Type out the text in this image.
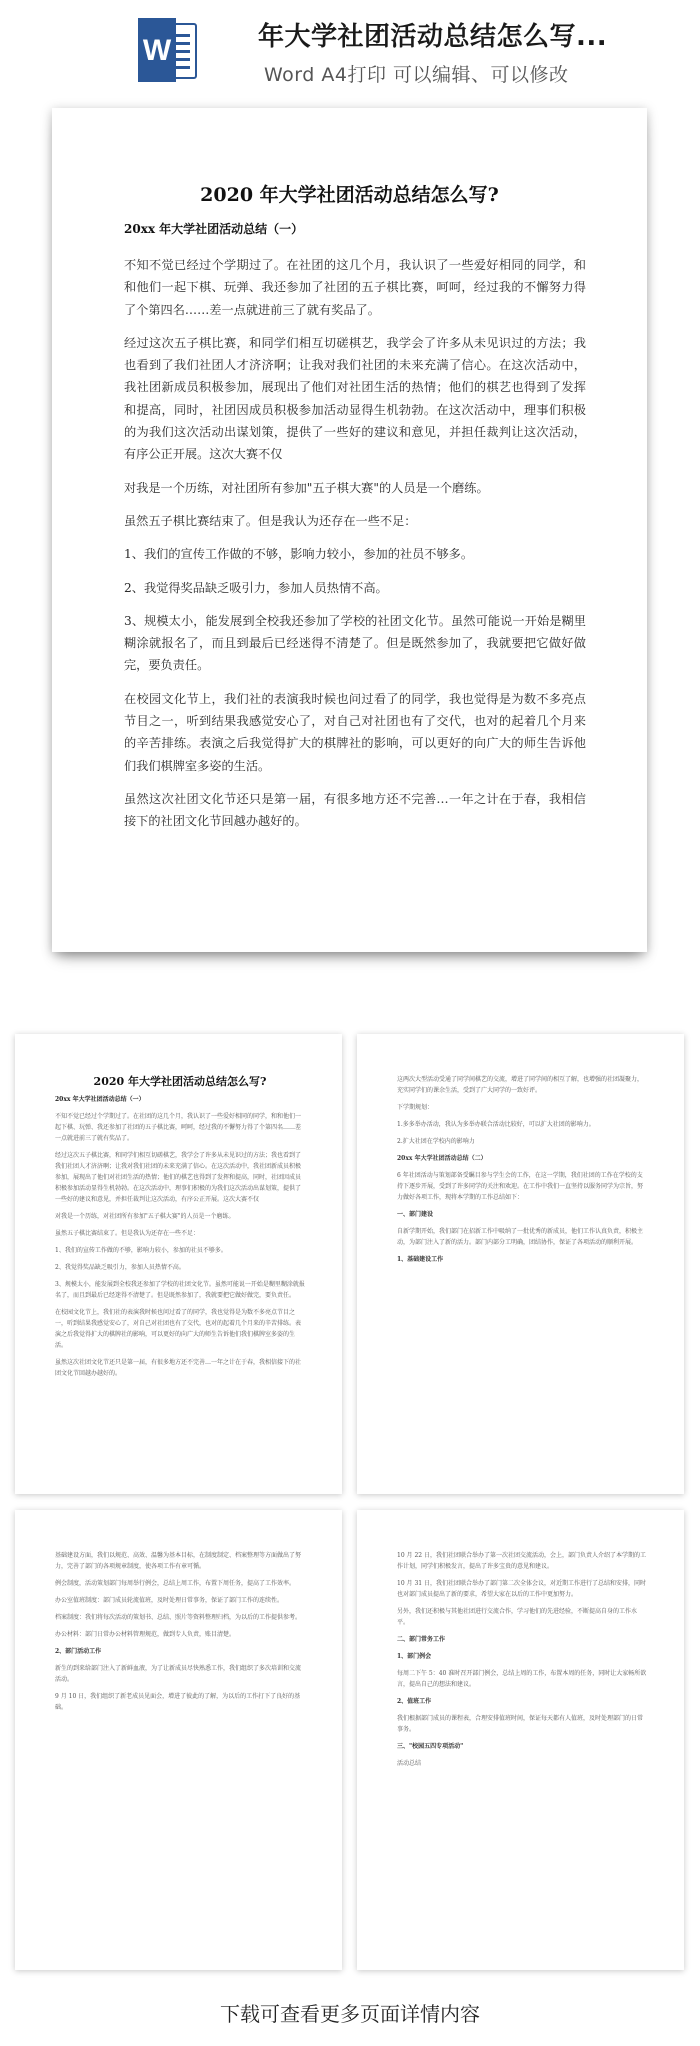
W	年大学社团活动总结怎么写...
Word A4打印 可以编辑、可以修改
2020 年大学社团活动总结怎么写?
20xx 年大学社团活动总结（一）

不知不觉已经过个学期过了。在社团的这几个月，我认识了一些爱好相同的同学，和和他们一起下棋、玩弹、我还参加了社团的五子棋比赛，呵呵，经过我的不懈努力得了个第四名……差一点就进前三了就有奖品了。

经过这次五子棋比赛，和同学们相互切磋棋艺，我学会了许多从未见识过的方法；我也看到了我们社团人才济济啊；让我对我们社团的未来充满了信心。在这次活动中，我社团新成员积极参加，展现出了他们对社团生活的热情；他们的棋艺也得到了发挥和提高，同时，社团因成员积极参加活动显得生机勃勃。在这次活动中，理事们积极的为我们这次活动出谋划策，提供了一些好的建议和意见，并担任裁判让这次活动，有序公正开展。这次大赛不仅

对我是一个历练，对社团所有参加"五子棋大赛"的人员是一个磨练。

虽然五子棋比赛结束了。但是我认为还存在一些不足：

1、我们的宣传工作做的不够，影响力较小，参加的社员不够多。

2、我觉得奖品缺乏吸引力，参加人员热情不高。

3、规模太小，能发展到全校我还参加了学校的社团文化节。虽然可能说一开始是糊里糊涂就报名了，而且到最后已经迷得不清楚了。但是既然参加了，我就要把它做好做完，要负责任。

在校园文化节上，我们社的表演我时候也问过看了的同学，我也觉得是为数不多亮点节目之一，听到结果我感觉安心了，对自己对社团也有了交代，也对的起着几个月来的辛苦排练。表演之后我觉得扩大的棋牌社的影响，可以更好的向广大的师生告诉他们我们棋牌室多姿的生活。

虽然这次社团文化节还只是第一届，有很多地方还不完善…一年之计在于春，我相信接下的社团文化节回越办越好的。

2020 年大学社团活动总结怎么写?
20xx 年大学社团活动总结（一）

不知不觉已经过个学期过了。在社团的这几个月，我认识了一些爱好相同的同学，和和他们一起下棋、玩弹、我还参加了社团的五子棋比赛，呵呵，经过我的不懈努力得了个第四名……差一点就进前三了就有奖品了。

经过这次五子棋比赛，和同学们相互切磋棋艺，我学会了许多从未见识过的方法；我也看到了我们社团人才济济啊；让我对我们社团的未来充满了信心。在这次活动中，我社团新成员积极参加，展现出了他们对社团生活的热情；他们的棋艺也得到了发挥和提高，同时，社团因成员积极参加活动显得生机勃勃。在这次活动中，理事们积极的为我们这次活动出谋划策，提供了一些好的建议和意见，并担任裁判让这次活动，有序公正开展。这次大赛不仅

对我是一个历练，对社团所有参加"五子棋大赛"的人员是一个磨练。

虽然五子棋比赛结束了。但是我认为还存在一些不足：

1、我们的宣传工作做的不够，影响力较小，参加的社员不够多。

2、我觉得奖品缺乏吸引力，参加人员热情不高。

3、规模太小，能发展到全校我还参加了学校的社团文化节。虽然可能说一开始是糊里糊涂就报名了，而且到最后已经迷得不清楚了。但是既然参加了，我就要把它做好做完，要负责任。

在校园文化节上，我们社的表演我时候也问过看了的同学，我也觉得是为数不多亮点节目之一，听到结果我感觉安心了，对自己对社团也有了交代，也对的起着几个月来的辛苦排练。表演之后我觉得扩大的棋牌社的影响，可以更好的向广大的师生告诉他们我们棋牌室多姿的生活。

虽然这次社团文化节还只是第一届，有很多地方还不完善…一年之计在于春，我相信接下的社团文化节回越办越好的。

这两次大型活动受通了同学间棋艺的交流，增进了同学间的相互了解，也增强的社团凝聚力，充实同学们的课余生活，受到了广大同学的一致好评。

下学期规划：

1.多多举办活动，我认为多举办联合活动比较好，可以扩大社团的影响力。

2.扩大社团在学校内的影响力

20xx 年大学社团活动总结（二）

6 年社团活动与策划部备受瞩目参与学生会的工作，在这一学期，我们社团的工作在学校的支持下逐步开展，受到了许多同学的关注和欢迎。在工作中我们一直坚持以服务同学为宗旨，努力做好各项工作，现将本学期的工作总结如下：

一、部门建设

自新学期开始，我们部门在招新工作中吸纳了一批优秀的新成员，他们工作认真负责，积极主动，为部门注入了新的活力。部门内部分工明确，团结协作，保证了各项活动的顺利开展。

1、基础建设工作

基础建设方面，我们以规范、高效、温馨为基本目标，在制度制定、档案整理等方面做出了努力，完善了部门的各项规章制度，使各项工作有章可循。

例会制度，活动策划部门每周举行例会，总结上周工作，布置下周任务，提高了工作效率。

办公室值班制度：部门成员轮流值班，及时处理日常事务，保证了部门工作的连续性。

档案制度：我们将每次活动的策划书、总结、照片等资料整理归档，为以后的工作提供参考。

办公材料：部门日常办公材料管理规范，做到专人负责，账目清楚。

2、部门活动工作

新生的到来给部门注入了新鲜血液，为了让新成员尽快熟悉工作，我们组织了多次培训和交流活动。

9 月 10 日，我们组织了新老成员见面会，增进了彼此的了解，为以后的工作打下了良好的基础。

10 月 22 日，我们社团联合举办了第一次社团交流活动，会上，部门负责人介绍了本学期的工作计划，同学们积极发言，提出了许多宝贵的意见和建议。

10 月 31 日，我们社团联合举办了部门第二次全体会议，对近期工作进行了总结和安排，同时也对部门成员提出了新的要求，希望大家在以后的工作中更加努力。

另外，我们还积极与其他社团进行交流合作，学习他们的先进经验，不断提高自身的工作水平。

二、部门常务工作

1、部门例会

每周二下午 5：40 准时召开部门例会，总结上周的工作，布置本周的任务，同时让大家畅所欲言，提出自己的想法和建议。

2、值班工作

我们根据部门成员的课程表，合理安排值班时间，保证每天都有人值班，及时处理部门的日常事务。

三、"校园五四专项活动"

活动总结

下载可查看更多页面详情内容
